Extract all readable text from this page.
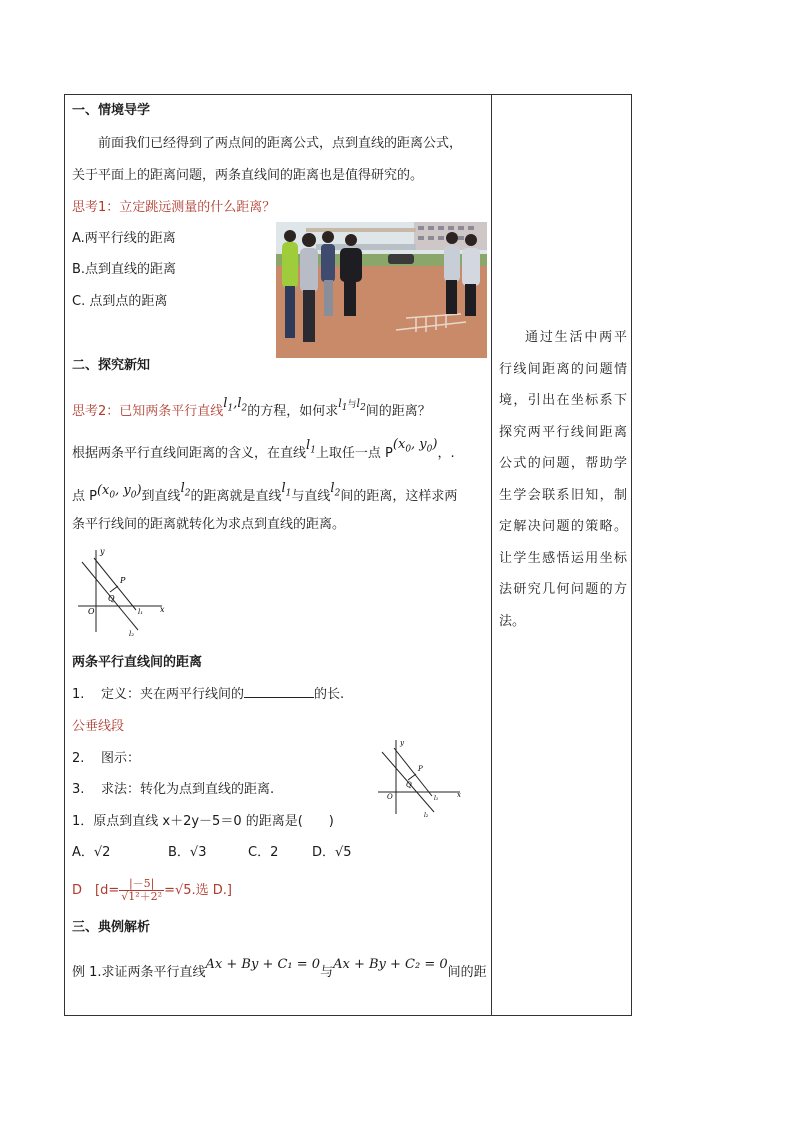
一、情境导学
前面我们已经得到了两点间的距离公式，点到直线的距离公式，
关于平面上的距离问题，两条直线间的距离也是值得研究的。
思考1：立定跳远测量的什么距离？
A.两平行线的距离
B.点到直线的距离
C. 点到点的距离
二、探究新知
思考2：已知两条平行直线$l_1,l_2$的方程，如何求$^{l_1与l_2}$间的距离？
根据两条平行直线间距离的含义，在直线$l_1$上取任一点 $P(x_0$, $y_0$)，.
点 $P(x_0$, $y_0$)到直线$l_2$的距离就是直线$l_1$与直线$l_2$间的距离，这样求两
条平行线间的距离就转化为求点到直线的距离。
y
x
O
P
Q
l₁
l₂
两条平行直线间的距离
1. 定义：夹在两平行线间的	的长.
公垂线段
2. 图示：
3. 求法：转化为点到直线的距离.
y
x
O
P
Q
l₁
l₂
1．原点到直线 x＋2y－5＝0 的距离是(　　)
A．√2	B．√3	C．2	D．√5
D　[$d= \frac{|-5|}{\text{√1²＋2²}} =√5$.选 D.]
三、典例解析
例 1.求证两条平行直线Ax + By + C₁ = 0与Ax + By + C₂ = 0间的距
通过生活中两平行线间距离的问题情境，引出在坐标系下探究两平行线间距离公式的问题，帮助学生学会联系旧知，制定解决问题的策略。让学生感悟运用坐标法研究几何问题的方法。
